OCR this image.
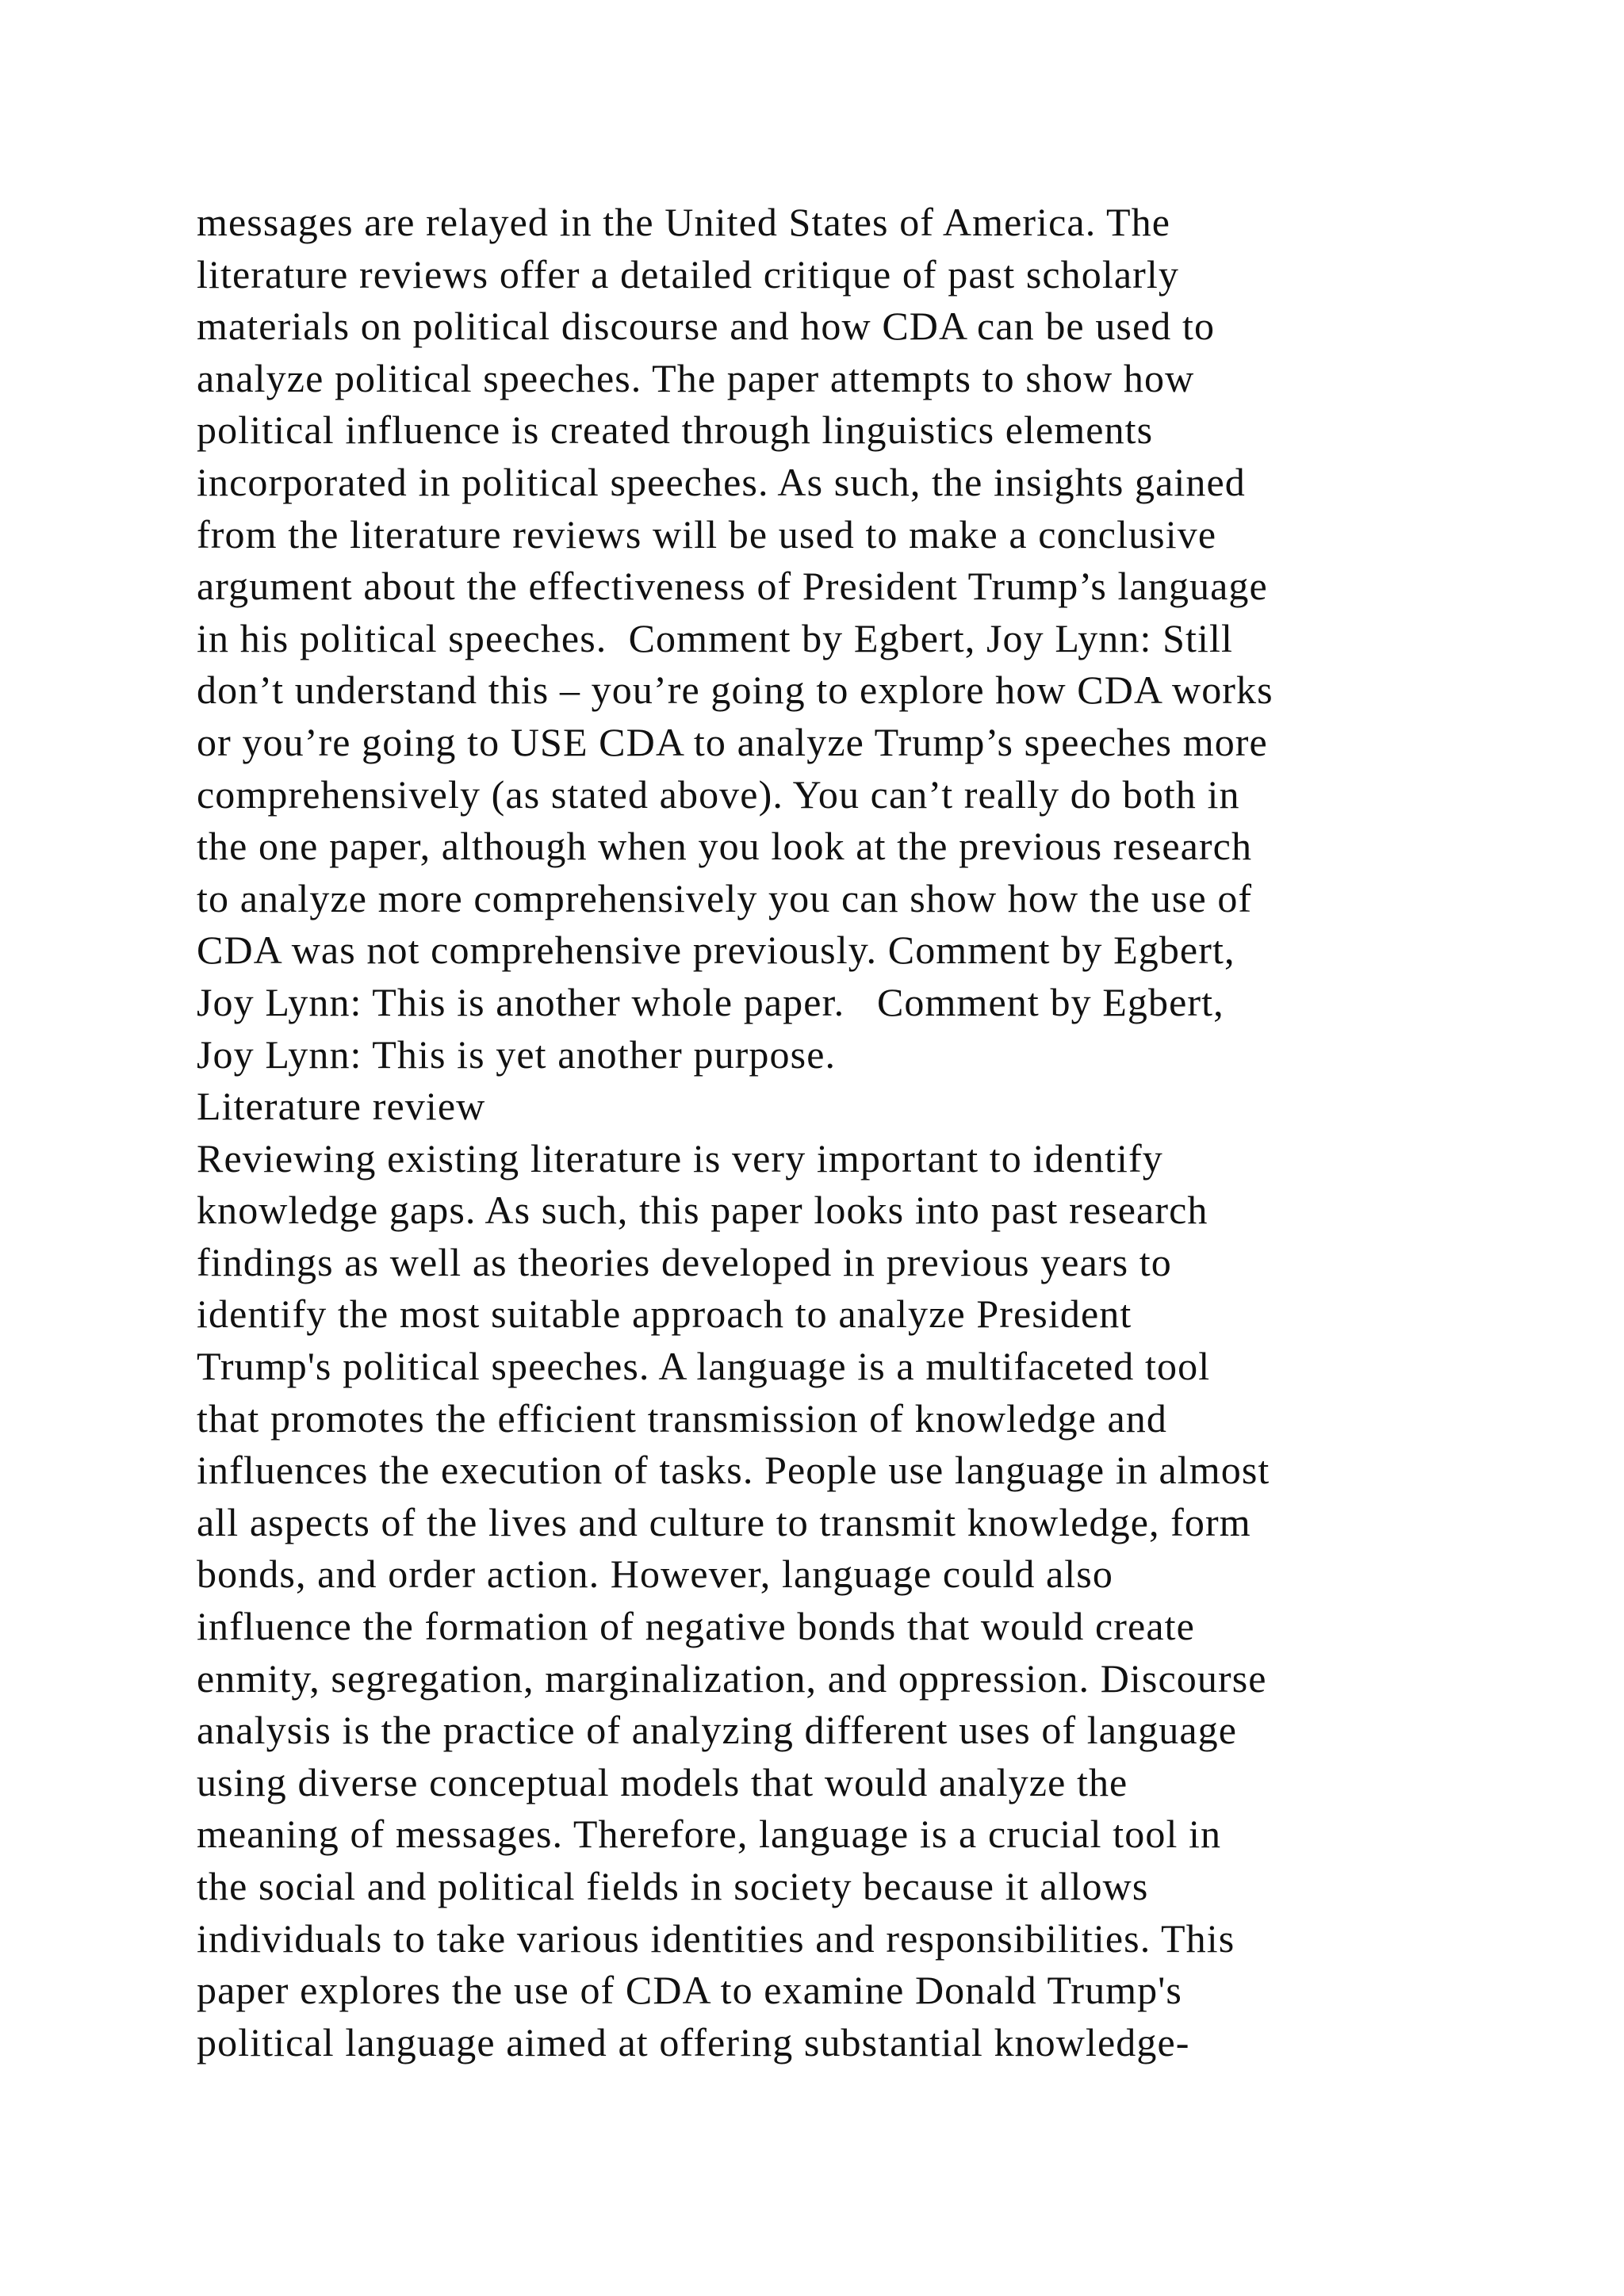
messages are relayed in the United States of America. The
literature reviews offer a detailed critique of past scholarly
materials on political discourse and how CDA can be used to
analyze political speeches. The paper attempts to show how
political influence is created through linguistics elements
incorporated in political speeches. As such, the insights gained
from the literature reviews will be used to make a conclusive
argument about the effectiveness of President Trump’s language
in his political speeches.  Comment by Egbert, Joy Lynn: Still
don’t understand this – you’re going to explore how CDA works
or you’re going to USE CDA to analyze Trump’s speeches more
comprehensively (as stated above). You can’t really do both in
the one paper, although when you look at the previous research
to analyze more comprehensively you can show how the use of
CDA was not comprehensive previously. Comment by Egbert,
Joy Lynn: This is another whole paper.   Comment by Egbert,
Joy Lynn: This is yet another purpose.
Literature review
Reviewing existing literature is very important to identify
knowledge gaps. As such, this paper looks into past research
findings as well as theories developed in previous years to
identify the most suitable approach to analyze President
Trump's political speeches. A language is a multifaceted tool
that promotes the efficient transmission of knowledge and
influences the execution of tasks. People use language in almost
all aspects of the lives and culture to transmit knowledge, form
bonds, and order action. However, language could also
influence the formation of negative bonds that would create
enmity, segregation, marginalization, and oppression. Discourse
analysis is the practice of analyzing different uses of language
using diverse conceptual models that would analyze the
meaning of messages. Therefore, language is a crucial tool in
the social and political fields in society because it allows
individuals to take various identities and responsibilities. This
paper explores the use of CDA to examine Donald Trump's
political language aimed at offering substantial knowledge-
